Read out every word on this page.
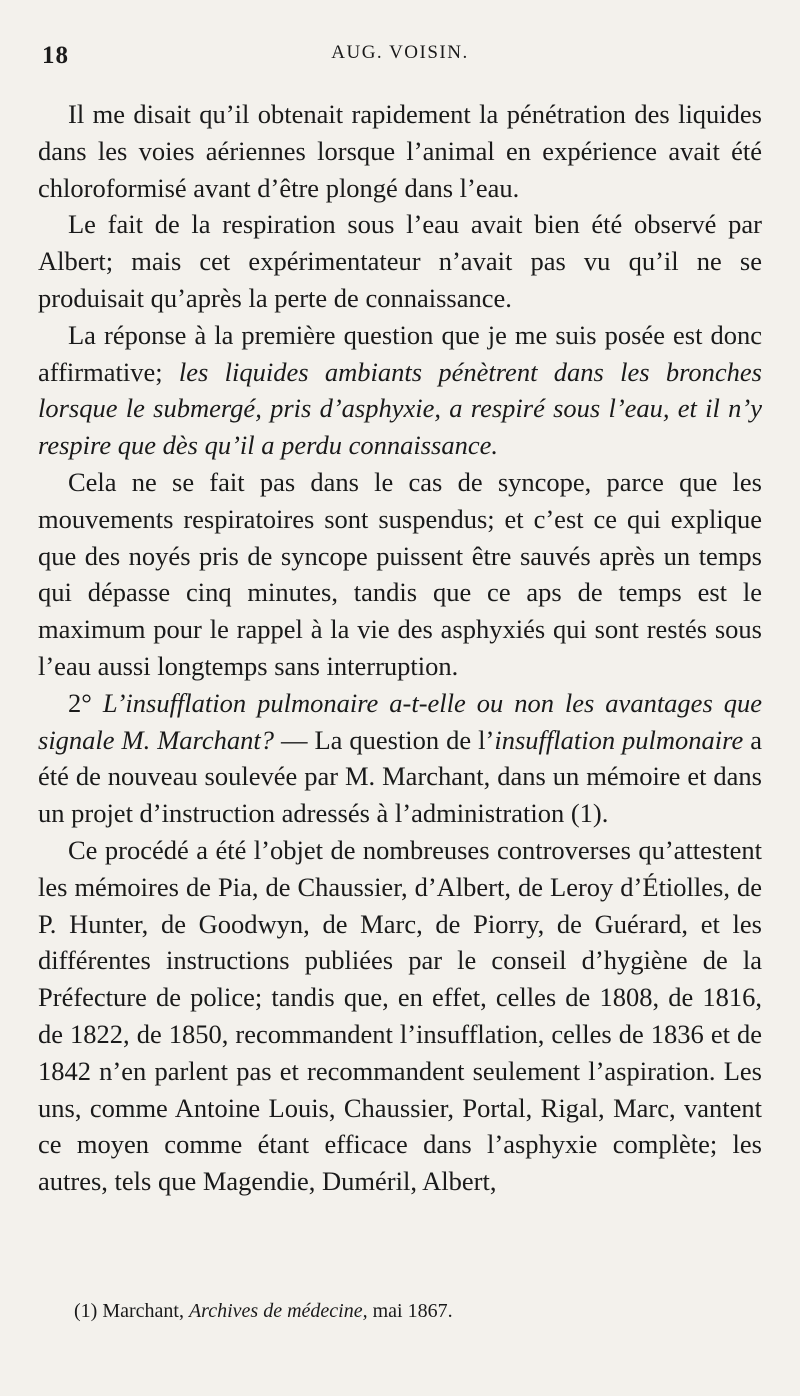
18	AUG. VOISIN.

Il me disait qu’il obtenait rapidement la pénétration des liquides dans les voies aériennes lorsque l’animal en expérience avait été chloroformisé avant d’être plongé dans l’eau.

Le fait de la respiration sous l’eau avait bien été observé par Albert; mais cet expérimentateur n’avait pas vu qu’il ne se produisait qu’après la perte de connaissance.

La réponse à la première question que je me suis posée est donc affirmative; les liquides ambiants pénètrent dans les bronches lorsque le submergé, pris d’asphyxie, a respiré sous l’eau, et il n’y respire que dès qu’il a perdu connaissance.

Cela ne se fait pas dans le cas de syncope, parce que les mouvements respiratoires sont suspendus; et c’est ce qui explique que des noyés pris de syncope puissent être sauvés après un temps qui dépasse cinq minutes, tandis que ce aps de temps est le maximum pour le rappel à la vie des asphyxiés qui sont restés sous l’eau aussi longtemps sans interruption.

2° L’insufflation pulmonaire a-t-elle ou non les avantages que signale M. Marchant? — La question de l’insufflation pulmonaire a été de nouveau soulevée par M. Marchant, dans un mémoire et dans un projet d’instruction adressés à l’administration (1).

Ce procédé a été l’objet de nombreuses controverses qu’attestent les mémoires de Pia, de Chaussier, d’Albert, de Leroy d’Étiolles, de P. Hunter, de Goodwyn, de Marc, de Piorry, de Guérard, et les différentes instructions publiées par le conseil d’hygiène de la Préfecture de police; tandis que, en effet, celles de 1808, de 1816, de 1822, de 1850, recommandent l’insufflation, celles de 1836 et de 1842 n’en parlent pas et recommandent seulement l’aspiration. Les uns, comme Antoine Louis, Chaussier, Portal, Rigal, Marc, vantent ce moyen comme étant efficace dans l’asphyxie complète; les autres, tels que Magendie, Duméril, Albert,

(1) Marchant, Archives de médecine, mai 1867.
